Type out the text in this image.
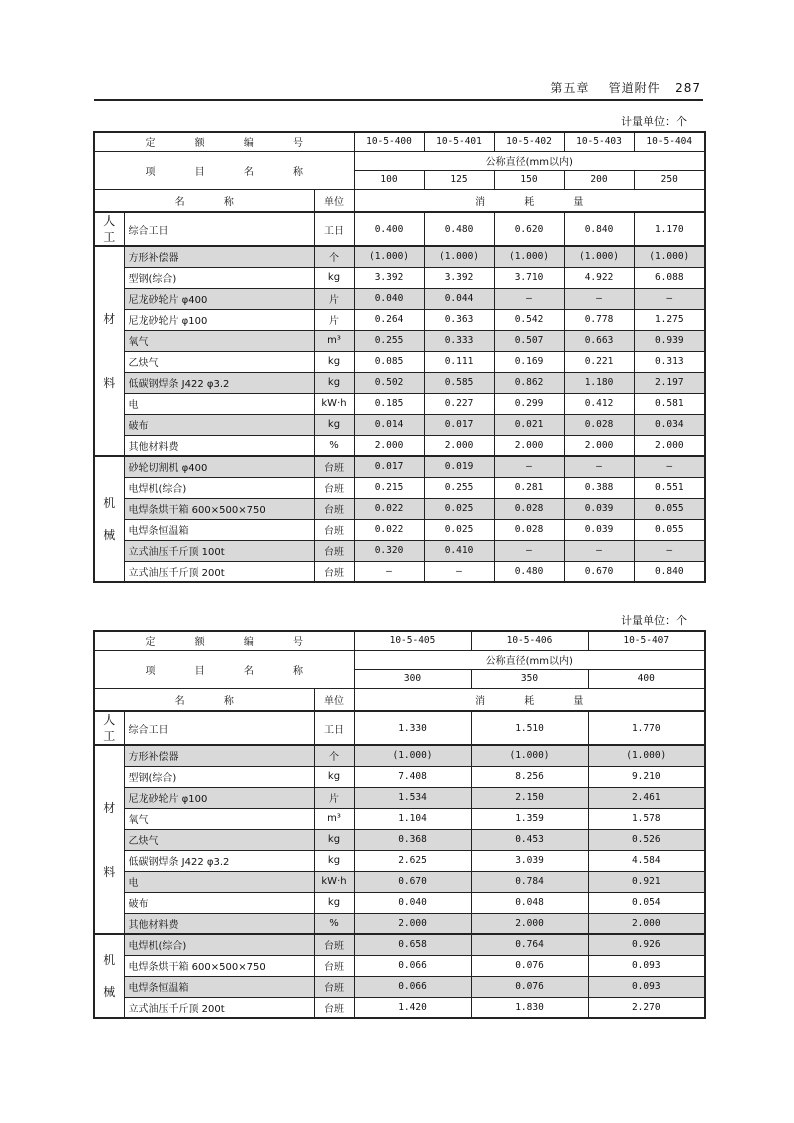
第五章 管道附件 287
计量单位：个
定 额 编 号			10-5-400	10-5-401	10-5-402	10-5-403	10-5-404
项 目 名 称			公称直径(mm以内)				
			100	125	150	200	250
名 称		单位	消 耗 量				
人
工	综合工日	工日	0.400	0.480	0.620	0.840	1.170
材

料	方形补偿器	个	(1.000)	(1.000)	(1.000)	(1.000)	(1.000)
	型钢(综合)	kg	3.392	3.392	3.710	4.922	6.088
	尼龙砂轮片 φ400	片	0.040	0.044	—	—	—
	尼龙砂轮片 φ100	片	0.264	0.363	0.542	0.778	1.275
	氧气	m³	0.255	0.333	0.507	0.663	0.939
	乙炔气	kg	0.085	0.111	0.169	0.221	0.313
	低碳钢焊条 J422 φ3.2	kg	0.502	0.585	0.862	1.180	2.197
	电	kW·h	0.185	0.227	0.299	0.412	0.581
	破布	kg	0.014	0.017	0.021	0.028	0.034
	其他材料费	%	2.000	2.000	2.000	2.000	2.000
机

械	砂轮切割机 φ400	台班	0.017	0.019	—	—	—
	电焊机(综合)	台班	0.215	0.255	0.281	0.388	0.551
	电焊条烘干箱 600×500×750	台班	0.022	0.025	0.028	0.039	0.055
	电焊条恒温箱	台班	0.022	0.025	0.028	0.039	0.055
	立式油压千斤顶 100t	台班	0.320	0.410	—	—	—
	立式油压千斤顶 200t	台班	—	—	0.480	0.670	0.840
计量单位：个
定 额 编 号			10-5-405	10-5-406	10-5-407
项 目 名 称			公称直径(mm以内)		
			300	350	400
名 称		单位	消 耗 量		
人
工	综合工日	工日	1.330	1.510	1.770
材

料	方形补偿器	个	(1.000)	(1.000)	(1.000)
	型钢(综合)	kg	7.408	8.256	9.210
	尼龙砂轮片 φ100	片	1.534	2.150	2.461
	氧气	m³	1.104	1.359	1.578
	乙炔气	kg	0.368	0.453	0.526
	低碳钢焊条 J422 φ3.2	kg	2.625	3.039	4.584
	电	kW·h	0.670	0.784	0.921
	破布	kg	0.040	0.048	0.054
	其他材料费	%	2.000	2.000	2.000
机

械	电焊机(综合)	台班	0.658	0.764	0.926
	电焊条烘干箱 600×500×750	台班	0.066	0.076	0.093
	电焊条恒温箱	台班	0.066	0.076	0.093
	立式油压千斤顶 200t	台班	1.420	1.830	2.270
